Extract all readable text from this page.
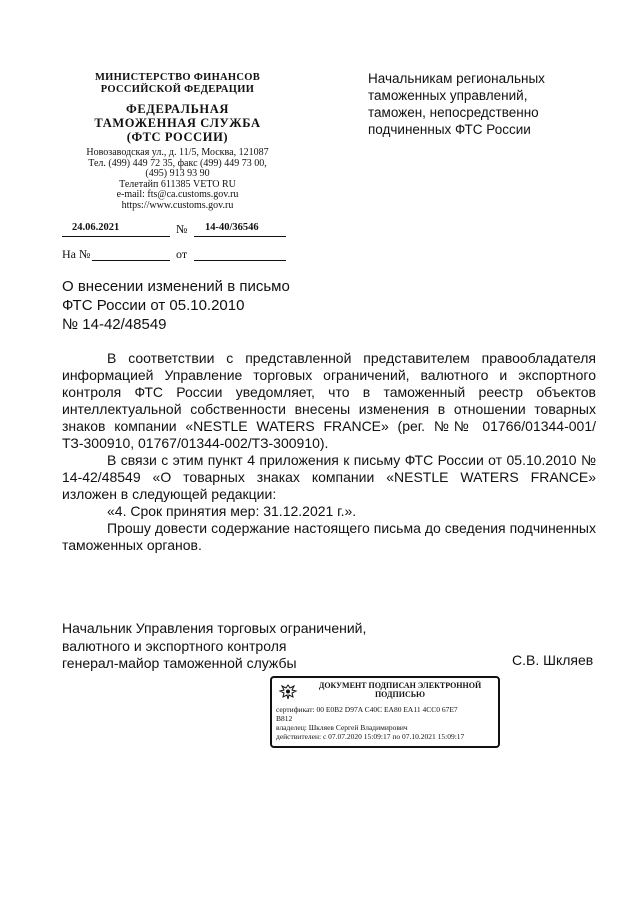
МИНИСТЕРСТВО ФИНАНСОВ
РОССИЙСКОЙ ФЕДЕРАЦИИ
ФЕДЕРАЛЬНАЯ
ТАМОЖЕННАЯ СЛУЖБА
(ФТС РОССИИ)
Новозаводская ул., д. 11/5, Москва, 121087
Тел. (499) 449 72 35, факс (499) 449 73 00,
(495) 913 93 90
Телетайп 611385 VETO RU
e-mail: fts@ca.customs.gov.ru
https://www.customs.gov.ru
24.06.2021	№ 14-40/36546
На №	от
Начальникам региональных
таможенных управлений,
таможен, непосредственно
подчиненных ФТС России
О внесении изменений в письмо
ФТС России от 05.10.2010
№ 14-42/48549

В соответствии с представленной представителем правообладателя информацией Управление торговых ограничений, валютного и экспортного контроля ФТС России уведомляет, что в таможенный реестр объектов интеллектуальной собственности внесены изменения в отношении товарных знаков компании «NESTLE WATERS FRANCE» (рег. №№ 01766/01344-001/ТЗ-300910, 01767/01344-002/ТЗ-300910).

В связи с этим пункт 4 приложения к письму ФТС России от 05.10.2010 № 14-42/48549 «О товарных знаках компании «NESTLE WATERS FRANCE» изложен в следующей редакции:

«4. Срок принятия мер: 31.12.2021 г.».

Прошу довести содержание настоящего письма до сведения подчиненных таможенных органов.

Начальник Управления торговых ограничений,
валютного и экспортного контроля
генерал-майор таможенной службы	С.В. Шкляев
ДОКУМЕНТ ПОДПИСАН ЭЛЕКТРОННОЙ ПОДПИСЬЮ
сертификат: 00 E0B2 D97A C40C EA80 EA11 4CC0 67E7
B812
владелец: Шкляев Сергей Владимирович
действителен: с 07.07.2020 15:09:17 по 07.10.2021 15:09:17
